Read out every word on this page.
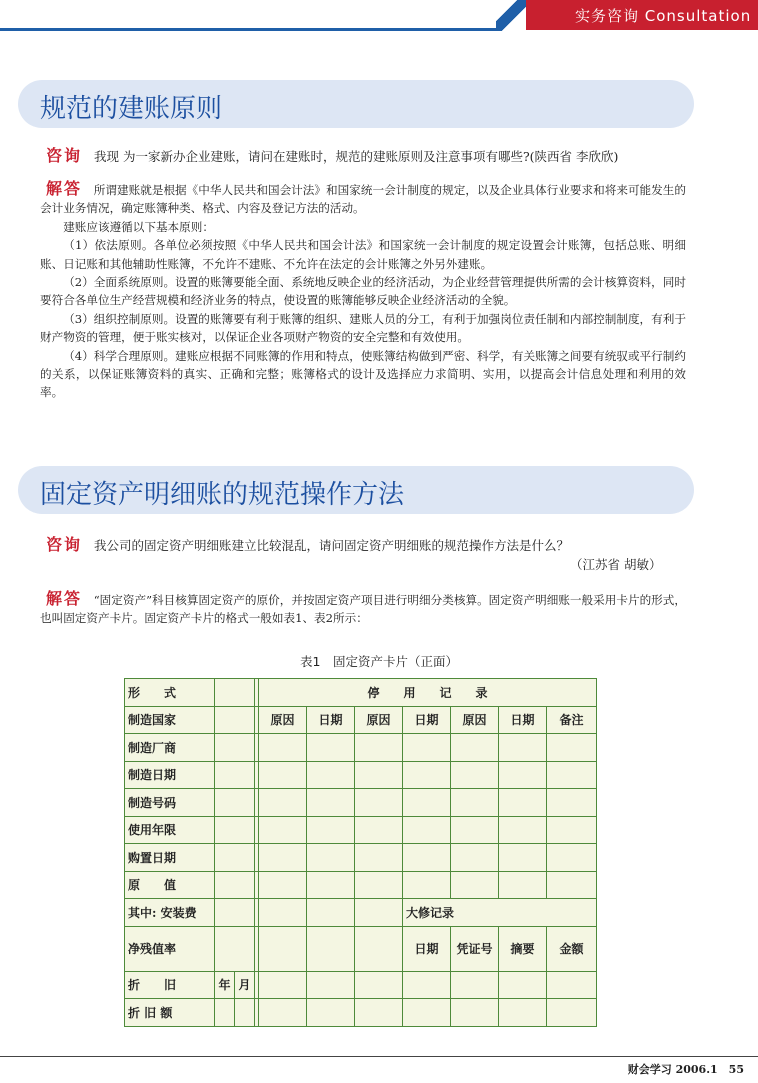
实务咨询 Consultation
规范的建账原则
咨询 我现 为一家新办企业建账，请问在建账时，规范的建账原则及注意事项有哪些?(陕西省 李欣欣)

解答 所谓建账就是根据《中华人民共和国会计法》和国家统一会计制度的规定，以及企业具体行业要求和将来可能发生的会计业务情况，确定账簿种类、格式、内容及登记方法的活动。

建账应该遵循以下基本原则：

（1）依法原则。各单位必须按照《中华人民共和国会计法》和国家统一会计制度的规定设置会计账簿，包括总账、明细账、日记账和其他辅助性账簿，不允许不建账、不允许在法定的会计账簿之外另外建账。

（2）全面系统原则。设置的账簿要能全面、系统地反映企业的经济活动，为企业经营管理提供所需的会计核算资料，同时要符合各单位生产经营规模和经济业务的特点，使设置的账簿能够反映企业经济活动的全貌。

（3）组织控制原则。设置的账簿要有利于账簿的组织、建账人员的分工，有利于加强岗位责任制和内部控制制度，有利于财产物资的管理，便于账实核对，以保证企业各项财产物资的安全完整和有效使用。

（4）科学合理原则。建账应根据不同账簿的作用和特点，使账簿结构做到严密、科学，有关账簿之间要有统驭或平行制约的关系，以保证账簿资料的真实、正确和完整；账簿格式的设计及选择应力求简明、实用，以提高会计信息处理和利用的效率。

固定资产明细账的规范操作方法
咨询 我公司的固定资产明细账建立比较混乱，请问固定资产明细账的规范操作方法是什么？
（江苏省 胡敏）

解答 “固定资产”科目核算固定资产的原价，并按固定资产项目进行明细分类核算。固定资产明细账一般采用卡片的形式，也叫固定资产卡片。固定资产卡片的格式一般如表1、表2所示：

表1　固定资产卡片（正面）
形　　式				停　　用　　记　　录						
制造国家				原因	日期	原因	日期	原因	日期	备注
制造厂商										
制造日期										
制造号码										
使用年限										
购置日期										
原　　值										
其中: 安装费							大修记录			
净残值率							日期	凭证号	摘要	金额
折　　旧	年	月								
折 旧 额										
财会学习 2006.1　55
